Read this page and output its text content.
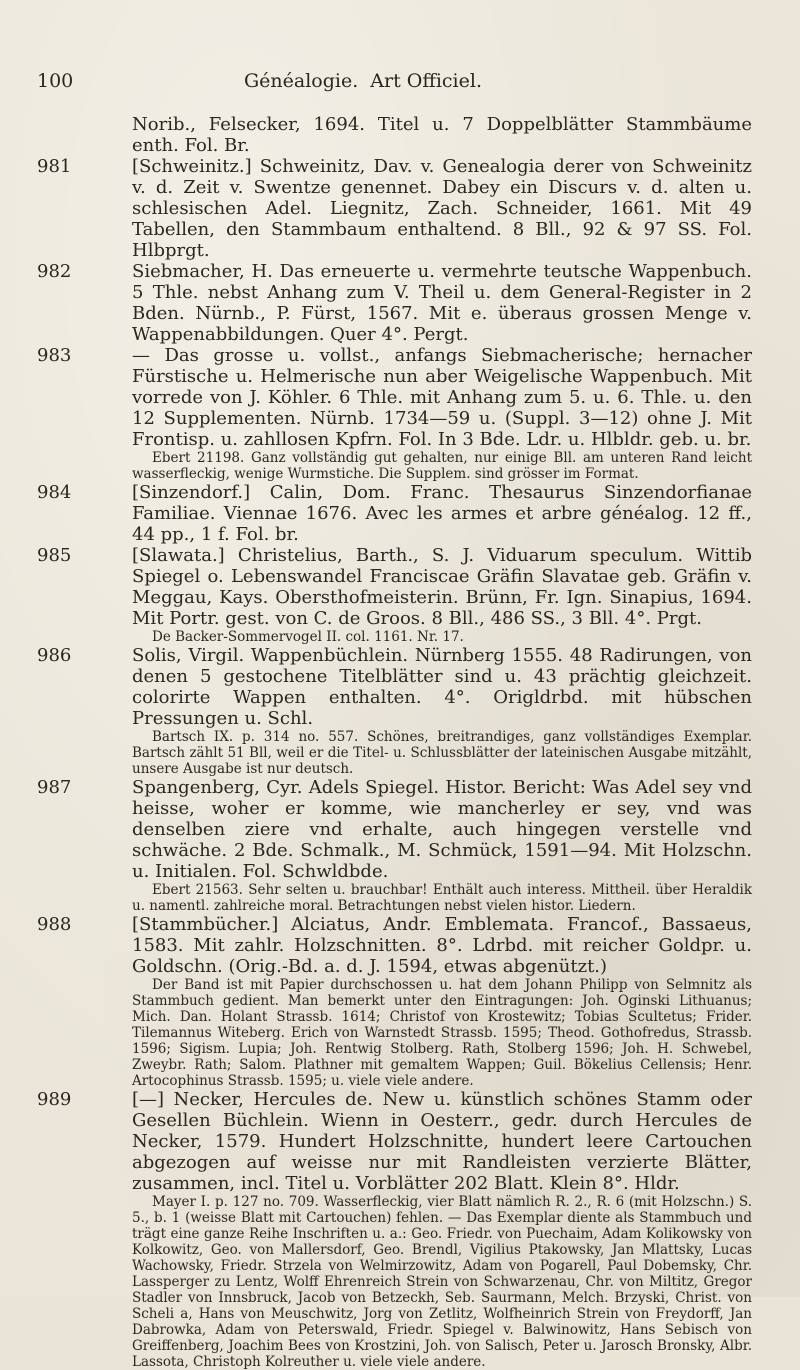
100	Généalogie. Art Officiel.
Norib., Felsecker, 1694. Titel u. 7 Doppelblätter Stammbäume enth. Fol. Br.
981	[Schweinitz.] Schweinitz, Dav. v. Genealogia derer von Schweinitz v. d. Zeit v. Swentze genennet. Dabey ein Discurs v. d. alten u. schlesischen Adel. Liegnitz, Zach. Schneider, 1661. Mit 49 Tabellen, den Stammbaum enthaltend. 8 Bll., 92 & 97 SS. Fol. Hlbprgt.
982	Siebmacher, H. Das erneuerte u. vermehrte teutsche Wappenbuch. 5 Thle. nebst Anhang zum V. Theil u. dem General-Register in 2 Bden. Nürnb., P. Fürst, 1567. Mit e. überaus grossen Menge v. Wappenabbildungen. Quer 4°. Pergt.
983	— Das grosse u. vollst., anfangs Siebmacherische; hernacher Fürstische u. Helmerische nun aber Weigelische Wappenbuch. Mit vorrede von J. Köhler. 6 Thle. mit Anhang zum 5. u. 6. Thle. u. den 12 Supplementen. Nürnb. 1734—59 u. (Suppl. 3—12) ohne J. Mit Frontisp. u. zahllosen Kpfrn. Fol. In 3 Bde. Ldr. u. Hlbldr. geb. u. br.
Ebert 21198. Ganz vollständig gut gehalten, nur einige Bll. am unteren Rand leicht wasserfleckig, wenige Wurmstiche. Die Supplem. sind grösser im Format.
984	[Sinzendorf.] Calin, Dom. Franc. Thesaurus Sinzendorfianae Familiae. Viennae 1676. Avec les armes et arbre généalog. 12 ff., 44 pp., 1 f. Fol. br.
985	[Slawata.] Christelius, Barth., S. J. Viduarum speculum. Wittib Spiegel o. Lebenswandel Franciscae Gräfin Slavatae geb. Gräfin v. Meggau, Kays. Obersthofmeisterin. Brünn, Fr. Ign. Sinapius, 1694. Mit Portr. gest. von C. de Groos. 8 Bll., 486 SS., 3 Bll. 4°. Prgt.
De Backer-Sommervogel II. col. 1161. Nr. 17.
986	Solis, Virgil. Wappenbüchlein. Nürnberg 1555. 48 Radirungen, von denen 5 gestochene Titelblätter sind u. 43 prächtig gleichzeit. colorirte Wappen enthalten. 4°. Origldrbd. mit hübschen Pressungen u. Schl.
Bartsch IX. p. 314 no. 557. Schönes, breitrandiges, ganz vollständiges Exemplar. Bartsch zählt 51 Bll, weil er die Titel- u. Schlussblätter der lateinischen Ausgabe mitzählt, unsere Ausgabe ist nur deutsch.
987	Spangenberg, Cyr. Adels Spiegel. Histor. Bericht: Was Adel sey vnd heisse, woher er komme, wie mancherley er sey, vnd was denselben ziere vnd erhalte, auch hingegen verstelle vnd schwäche. 2 Bde. Schmalk., M. Schmück, 1591—94. Mit Holzschn. u. Initialen. Fol. Schwldbde.
Ebert 21563. Sehr selten u. brauchbar! Enthält auch interess. Mittheil. über Heraldik u. namentl. zahlreiche moral. Betrachtungen nebst vielen histor. Liedern.
988	[Stammbücher.] Alciatus, Andr. Emblemata. Francof., Bassaeus, 1583. Mit zahlr. Holzschnitten. 8°. Ldrbd. mit reicher Goldpr. u. Goldschn. (Orig.-Bd. a. d. J. 1594, etwas abgenützt.)
Der Band ist mit Papier durchschossen u. hat dem Johann Philipp von Selmnitz als Stammbuch gedient. Man bemerkt unter den Eintragungen: Joh. Oginski Lithuanus; Mich. Dan. Holant Strassb. 1614; Christof von Krostewitz; Tobias Scultetus; Frider. Tilemannus Witeberg. Erich von Warnstedt Strassb. 1595; Theod. Gothofredus, Strassb. 1596; Sigism. Lupia; Joh. Rentwig Stolberg. Rath, Stolberg 1596; Joh. H. Schwebel, Zweybr. Rath; Salom. Plathner mit gemaltem Wappen; Guil. Bökelius Cellensis; Henr. Artocophinus Strassb. 1595; u. viele viele andere.
989	[—] Necker, Hercules de. New u. künstlich schönes Stamm oder Gesellen Büchlein. Wienn in Oesterr., gedr. durch Hercules de Necker, 1579. Hundert Holzschnitte, hundert leere Cartouchen abgezogen auf weisse nur mit Randleisten verzierte Blätter, zusammen, incl. Titel u. Vorblätter 202 Blatt. Klein 8°. Hldr.
Mayer I. p. 127 no. 709. Wasserfleckig, vier Blatt nämlich R. 2., R. 6 (mit Holzschn.) S. 5., b. 1 (weisse Blatt mit Cartouchen) fehlen. — Das Exemplar diente als Stammbuch und trägt eine ganze Reihe Inschriften u. a.: Geo. Friedr. von Puechaim, Adam Kolikowsky von Kolkowitz, Geo. von Mallersdorf, Geo. Brendl, Vigilius Ptakowsky, Jan Mlattsky, Lucas Wachowsky, Friedr. Strzela von Welmirzowitz, Adam von Pogarell, Paul Dobemsky, Chr. Lassperger zu Lentz, Wolff Ehrenreich Strein von Schwarzenau, Chr. von Miltitz, Gregor Stadler von Innsbruck, Jacob von Betzeckh, Seb. Saurmann, Melch. Brzyski, Christ. von Scheli a, Hans von Meuschwitz, Jorg von Zetlitz, Wolfheinrich Strein von Freydorff, Jan Dabrowka, Adam von Peterswald, Friedr. Spiegel v. Balwinowitz, Hans Sebisch von Greiffenberg, Joachim Bees von Krostzini, Joh. von Salisch, Peter u. Jarosch Bronsky, Albr. Lassota, Christoph Kolreuther u. viele viele andere.
